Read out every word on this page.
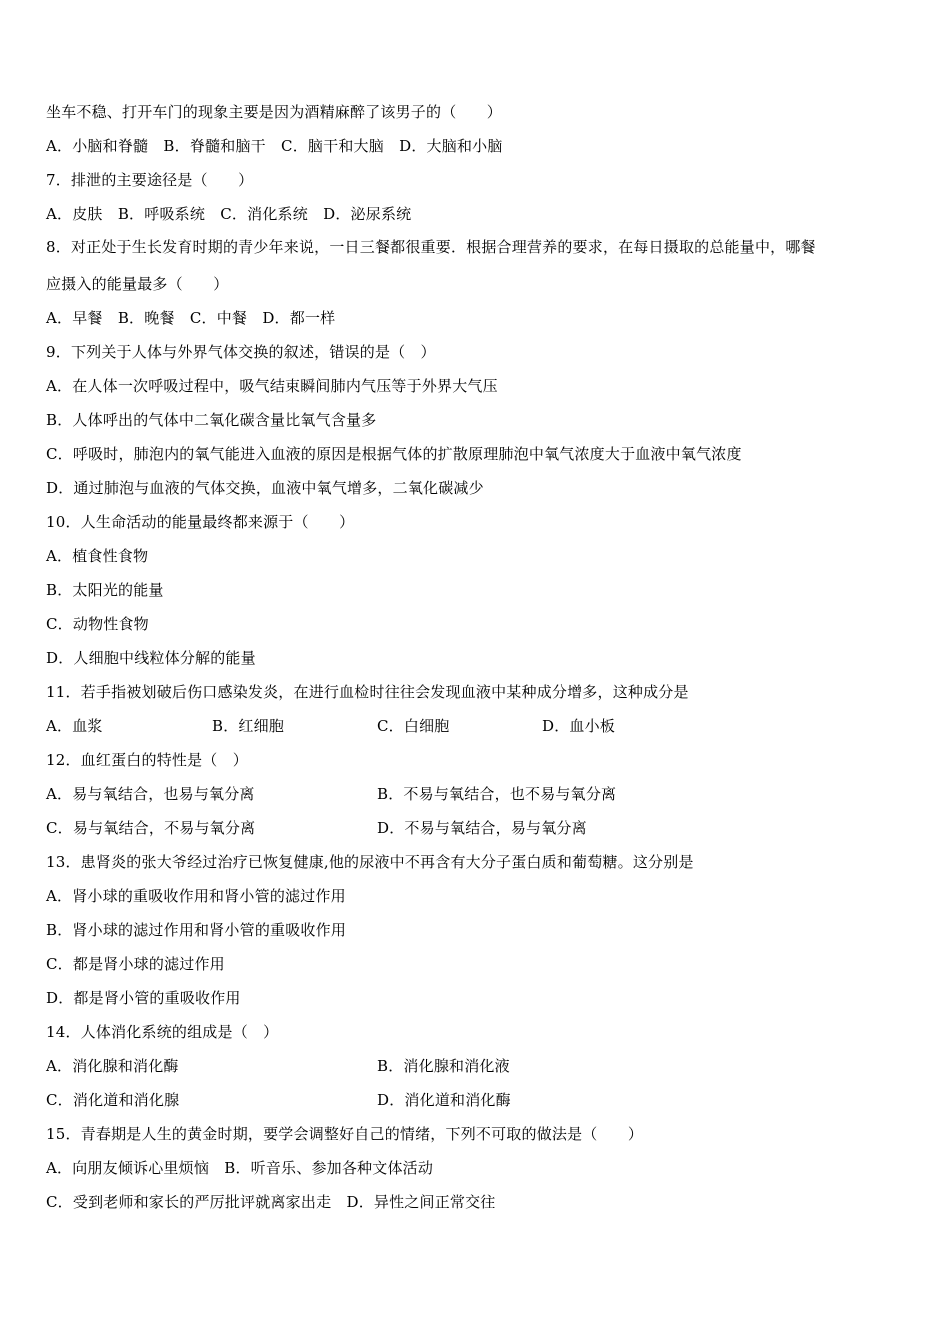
坐车不稳、打开车门的现象主要是因为酒精麻醉了该男子的（　　）
A．小脑和脊髓　B．脊髓和脑干　C．脑干和大脑　D．大脑和小脑
7．排泄的主要途径是（　　）
A．皮肤　B．呼吸系统　C．消化系统　D．泌尿系统
8．对正处于生长发育时期的青少年来说，一日三餐都很重要．根据合理营养的要求，在每日摄取的总能量中，哪餐
应摄入的能量最多（　　）
A．早餐　B．晚餐　C．中餐　D．都一样
9．下列关于人体与外界气体交换的叙述，错误的是（　）
A．在人体一次呼吸过程中，吸气结束瞬间肺内气压等于外界大气压
B．人体呼出的气体中二氧化碳含量比氧气含量多
C．呼吸时，肺泡内的氧气能进入血液的原因是根据气体的扩散原理肺泡中氧气浓度大于血液中氧气浓度
D．通过肺泡与血液的气体交换，血液中氧气增多，二氧化碳减少
10．人生命活动的能量最终都来源于（　　）
A．植食性食物
B．太阳光的能量
C．动物性食物
D．人细胞中线粒体分解的能量
11．若手指被划破后伤口感染发炎，在进行血检时往往会发现血液中某种成分增多，这种成分是
A．血浆	B．红细胞	C．白细胞	D．血小板
12．血红蛋白的特性是（　）
A．易与氧结合，也易与氧分离	B．不易与氧结合，也不易与氧分离
C．易与氧结合，不易与氧分离	D．不易与氧结合，易与氧分离
13．患肾炎的张大爷经过治疗已恢复健康,他的尿液中不再含有大分子蛋白质和葡萄糖。这分别是
A．肾小球的重吸收作用和肾小管的滤过作用
B．肾小球的滤过作用和肾小管的重吸收作用
C．都是肾小球的滤过作用
D．都是肾小管的重吸收作用
14．人体消化系统的组成是（　）
A．消化腺和消化酶	B．消化腺和消化液
C．消化道和消化腺	D．消化道和消化酶
15．青春期是人生的黄金时期，要学会调整好自己的情绪，下列不可取的做法是（　　）
A．向朋友倾诉心里烦恼　B．听音乐、参加各种文体活动
C．受到老师和家长的严厉批评就离家出走　D．异性之间正常交往
